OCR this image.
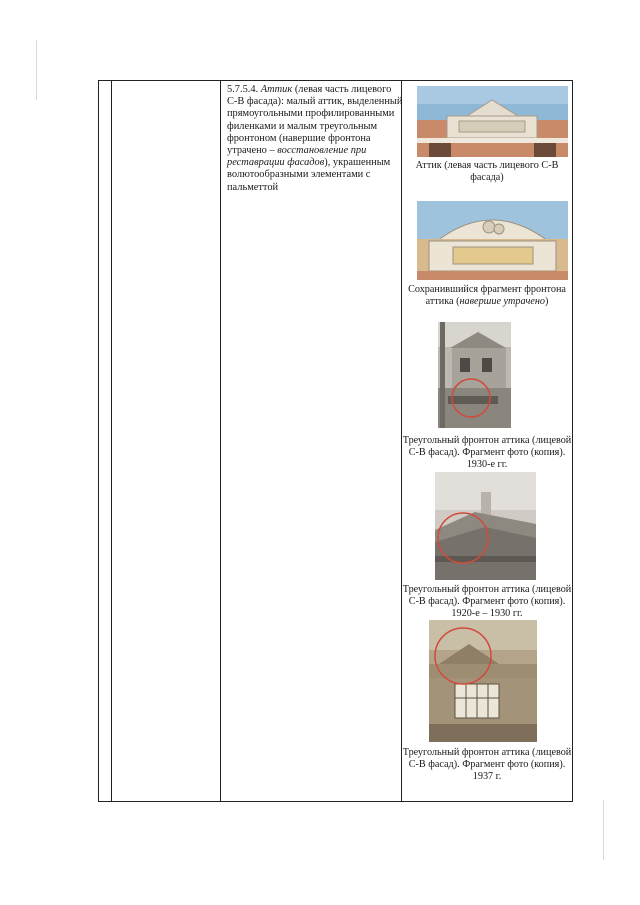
5.7.5.4. Аттик (левая часть лицевого С-В фасада): малый аттик, выделенный прямоугольными профилированными филенками и малым треугольным фронтоном (навершие фронтона утрачено – восстановление при реставрации фасадов), украшенным волютообразными элементами с пальметтой
Аттик (левая часть лицевого С-В фасада)
Сохранившийся фрагмент фронтона аттика (навершие утрачено)
Треугольный фронтон аттика (лицевой С-В фасад). Фрагмент фото (копия). 1930-е гг.
Треугольный фронтон аттика (лицевой С-В фасад). Фрагмент фото (копия). 1920-е – 1930 гг.
Треугольный фронтон аттика (лицевой С-В фасад). Фрагмент фото (копия). 1937 г.
